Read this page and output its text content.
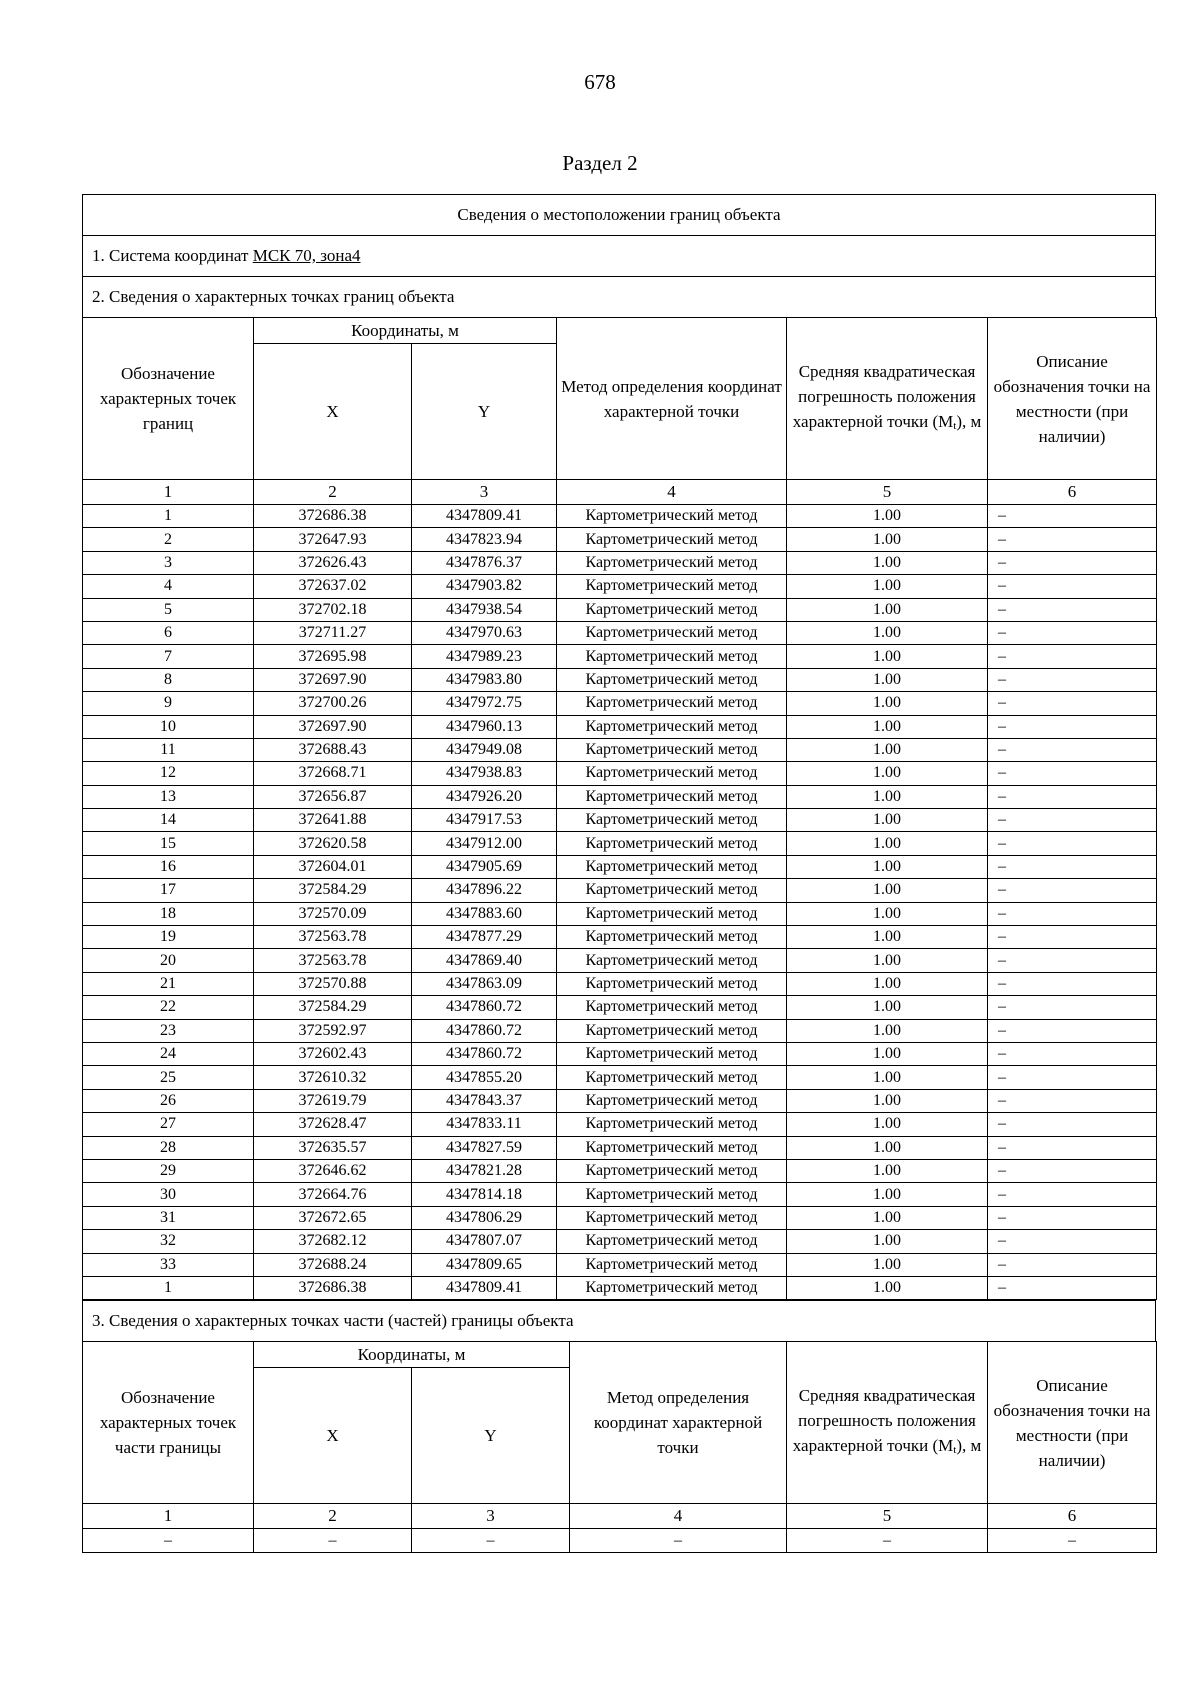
678
Раздел 2
Сведения о местоположении границ объекта
1. Система координат МСК 70, зона4
2. Сведения о характерных точках границ объекта
Обозначение характерных точек границ	Координаты, м		Метод определения координат характерной точки	Средняя квадратическая погрешность положения характерной точки (Mt), м	Описание обозначения точки на местности (при наличии)
	X	Y			
1	2	3	4	5	6
1	372686.38	4347809.41	Картометрический метод	1.00	–
2	372647.93	4347823.94	Картометрический метод	1.00	–
3	372626.43	4347876.37	Картометрический метод	1.00	–
4	372637.02	4347903.82	Картометрический метод	1.00	–
5	372702.18	4347938.54	Картометрический метод	1.00	–
6	372711.27	4347970.63	Картометрический метод	1.00	–
7	372695.98	4347989.23	Картометрический метод	1.00	–
8	372697.90	4347983.80	Картометрический метод	1.00	–
9	372700.26	4347972.75	Картометрический метод	1.00	–
10	372697.90	4347960.13	Картометрический метод	1.00	–
11	372688.43	4347949.08	Картометрический метод	1.00	–
12	372668.71	4347938.83	Картометрический метод	1.00	–
13	372656.87	4347926.20	Картометрический метод	1.00	–
14	372641.88	4347917.53	Картометрический метод	1.00	–
15	372620.58	4347912.00	Картометрический метод	1.00	–
16	372604.01	4347905.69	Картометрический метод	1.00	–
17	372584.29	4347896.22	Картометрический метод	1.00	–
18	372570.09	4347883.60	Картометрический метод	1.00	–
19	372563.78	4347877.29	Картометрический метод	1.00	–
20	372563.78	4347869.40	Картометрический метод	1.00	–
21	372570.88	4347863.09	Картометрический метод	1.00	–
22	372584.29	4347860.72	Картометрический метод	1.00	–
23	372592.97	4347860.72	Картометрический метод	1.00	–
24	372602.43	4347860.72	Картометрический метод	1.00	–
25	372610.32	4347855.20	Картометрический метод	1.00	–
26	372619.79	4347843.37	Картометрический метод	1.00	–
27	372628.47	4347833.11	Картометрический метод	1.00	–
28	372635.57	4347827.59	Картометрический метод	1.00	–
29	372646.62	4347821.28	Картометрический метод	1.00	–
30	372664.76	4347814.18	Картометрический метод	1.00	–
31	372672.65	4347806.29	Картометрический метод	1.00	–
32	372682.12	4347807.07	Картометрический метод	1.00	–
33	372688.24	4347809.65	Картометрический метод	1.00	–
1	372686.38	4347809.41	Картометрический метод	1.00	–
3. Сведения о характерных точках части (частей) границы объекта
Обозначение характерных точек части границы	Координаты, м		Метод определения координат характерной точки	Средняя квадратическая погрешность положения характерной точки (Mt), м	Описание обозначения точки на местности (при наличии)
	X	Y			
1	2	3	4	5	6
–	–	–	–	–	–
